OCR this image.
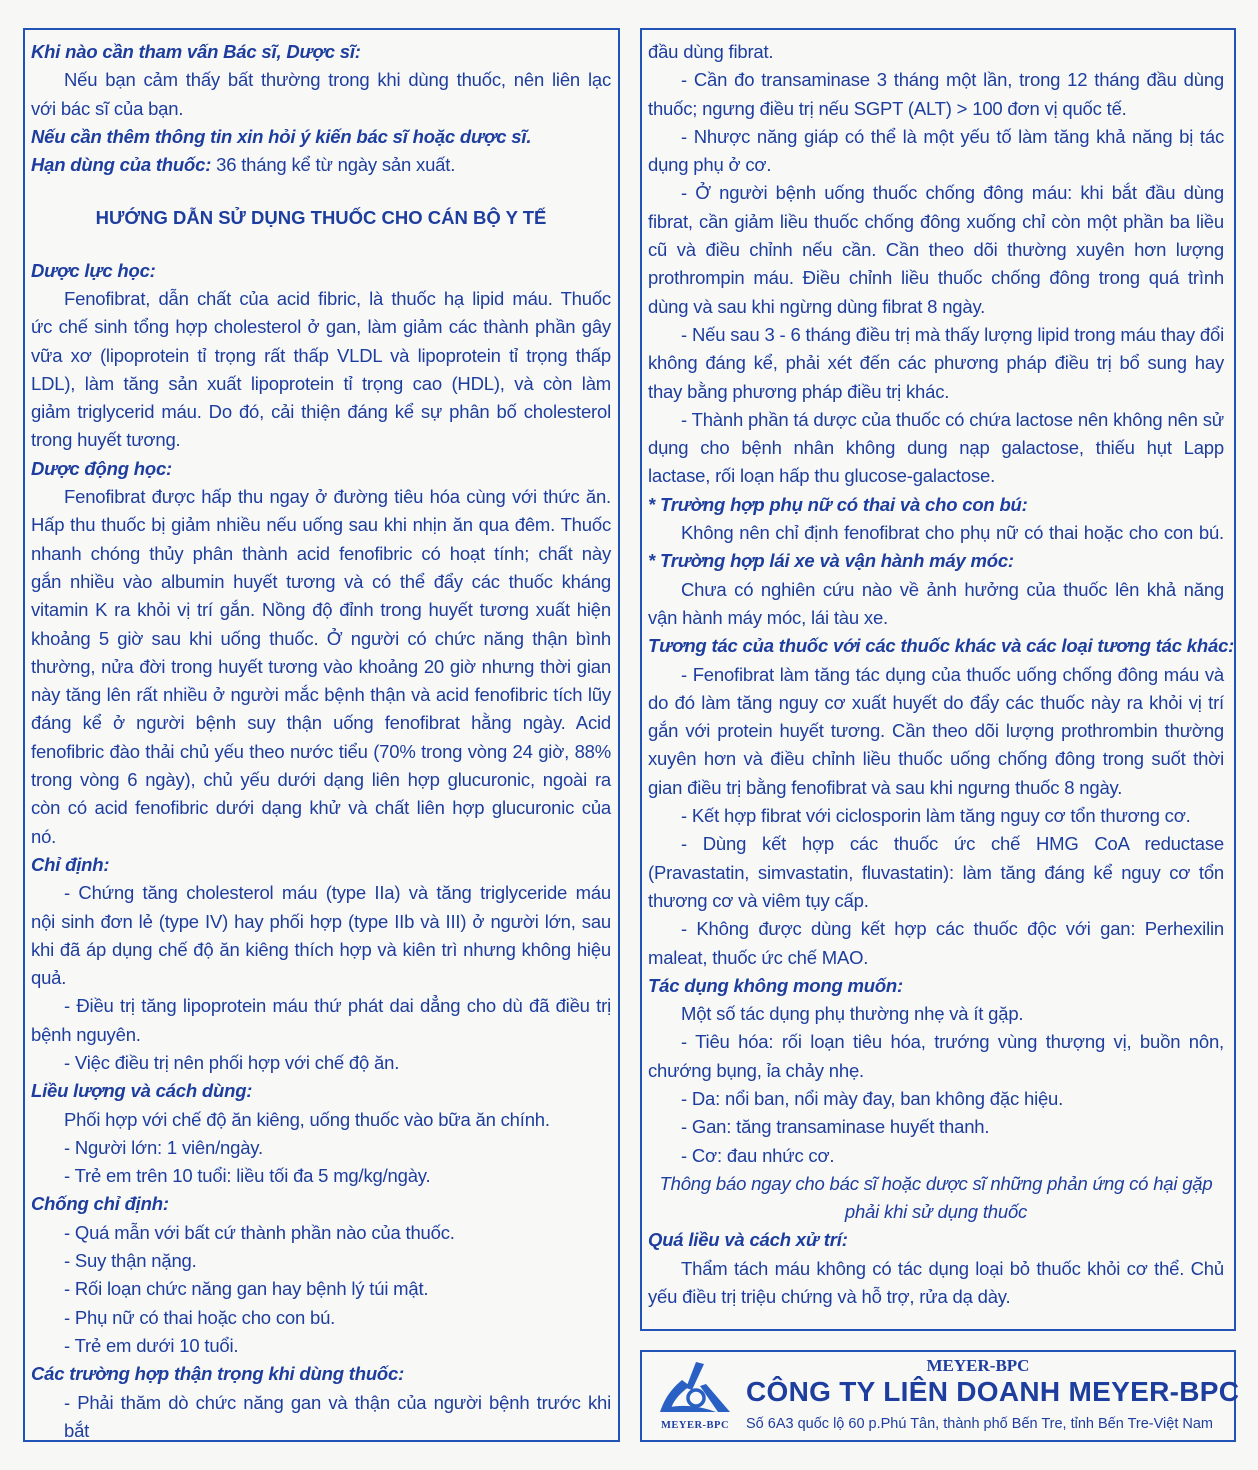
Khi nào cần tham vấn Bác sĩ, Dược sĩ:
Nếu bạn cảm thấy bất thường trong khi dùng thuốc, nên liên lạc
với bác sĩ của bạn.
Nếu cần thêm thông tin xin hỏi ý kiến bác sĩ hoặc dược sĩ.
Hạn dùng của thuốc: 36 tháng kể từ ngày sản xuất.
HƯỚNG DẪN SỬ DỤNG THUỐC CHO CÁN BỘ Y TẾ
Dược lực học:
Fenofibrat, dẫn chất của acid fibric, là thuốc hạ lipid máu. Thuốc
ức chế sinh tổng hợp cholesterol ở gan, làm giảm các thành phần gây
vữa xơ (lipoprotein tỉ trọng rất thấp VLDL và lipoprotein tỉ trọng thấp
LDL), làm tăng sản xuất lipoprotein tỉ trọng cao (HDL), và còn làm
giảm triglycerid máu. Do đó, cải thiện đáng kể sự phân bố cholesterol
trong huyết tương.
Dược động học:
Fenofibrat được hấp thu ngay ở đường tiêu hóa cùng với thức ăn.
Hấp thu thuốc bị giảm nhiều nếu uống sau khi nhịn ăn qua đêm. Thuốc
nhanh chóng thủy phân thành acid fenofibric có hoạt tính; chất này
gắn nhiều vào albumin huyết tương và có thể đẩy các thuốc kháng
vitamin K ra khỏi vị trí gắn. Nồng độ đỉnh trong huyết tương xuất hiện
khoảng 5 giờ sau khi uống thuốc. Ở người có chức năng thận bình
thường, nửa đời trong huyết tương vào khoảng 20 giờ nhưng thời gian
này tăng lên rất nhiều ở người mắc bệnh thận và acid fenofibric tích lũy
đáng kể ở người bệnh suy thận uống fenofibrat hằng ngày. Acid
fenofibric đào thải chủ yếu theo nước tiểu (70% trong vòng 24 giờ, 88%
trong vòng 6 ngày), chủ yếu dưới dạng liên hợp glucuronic, ngoài ra
còn có acid fenofibric dưới dạng khử và chất liên hợp glucuronic của
nó.
Chỉ định:
- Chứng tăng cholesterol máu (type IIa) và tăng triglyceride máu
nội sinh đơn lẻ (type IV) hay phối hợp (type IIb và III) ở người lớn, sau
khi đã áp dụng chế độ ăn kiêng thích hợp và kiên trì nhưng không hiệu
quả.
- Điều trị tăng lipoprotein máu thứ phát dai dẳng cho dù đã điều trị
bệnh nguyên.
- Việc điều trị nên phối hợp với chế độ ăn.
Liều lượng và cách dùng:
Phối hợp với chế độ ăn kiêng, uống thuốc vào bữa ăn chính.
- Người lớn: 1 viên/ngày.
- Trẻ em trên 10 tuổi: liều tối đa 5 mg/kg/ngày.
Chống chỉ định:
- Quá mẫn với bất cứ thành phần nào của thuốc.
- Suy thận nặng.
- Rối loạn chức năng gan hay bệnh lý túi mật.
- Phụ nữ có thai hoặc cho con bú.
- Trẻ em dưới 10 tuổi.
Các trường hợp thận trọng khi dùng thuốc:
- Phải thăm dò chức năng gan và thận của người bệnh trước khi bắt
đầu dùng fibrat.
- Cần đo transaminase 3 tháng một lần, trong 12 tháng đầu dùng
thuốc; ngưng điều trị nếu SGPT (ALT) > 100 đơn vị quốc tế.
- Nhược năng giáp có thể là một yếu tố làm tăng khả năng bị tác
dụng phụ ở cơ.
- Ở người bệnh uống thuốc chống đông máu: khi bắt đầu dùng
fibrat, cần giảm liều thuốc chống đông xuống chỉ còn một phần ba liều
cũ và điều chỉnh nếu cần. Cần theo dõi thường xuyên hơn lượng
prothrompin máu. Điều chỉnh liều thuốc chống đông trong quá trình
dùng và sau khi ngừng dùng fibrat 8 ngày.
- Nếu sau 3 - 6 tháng điều trị mà thấy lượng lipid trong máu thay đổi
không đáng kể, phải xét đến các phương pháp điều trị bổ sung hay
thay bằng phương pháp điều trị khác.
- Thành phần tá dược của thuốc có chứa lactose nên không nên sử
dụng cho bệnh nhân không dung nạp galactose, thiếu hụt Lapp
lactase, rối loạn hấp thu glucose-galactose.
* Trường hợp phụ nữ có thai và cho con bú:
Không nên chỉ định fenofibrat cho phụ nữ có thai hoặc cho con bú.
* Trường hợp lái xe và vận hành máy móc:
Chưa có nghiên cứu nào về ảnh hưởng của thuốc lên khả năng
vận hành máy móc, lái tàu xe.
Tương tác của thuốc với các thuốc khác và các loại tương tác khác:
- Fenofibrat làm tăng tác dụng của thuốc uống chống đông máu và
do đó làm tăng nguy cơ xuất huyết do đẩy các thuốc này ra khỏi vị trí
gắn với protein huyết tương. Cần theo dõi lượng prothrombin thường
xuyên hơn và điều chỉnh liều thuốc uống chống đông trong suốt thời
gian điều trị bằng fenofibrat và sau khi ngưng thuốc 8 ngày.
- Kết hợp fibrat với ciclosporin làm tăng nguy cơ tổn thương cơ.
- Dùng kết hợp các thuốc ức chế HMG CoA reductase
(Pravastatin, simvastatin, fluvastatin): làm tăng đáng kể nguy cơ tổn
thương cơ và viêm tụy cấp.
- Không được dùng kết hợp các thuốc độc với gan: Perhexilin
maleat, thuốc ức chế MAO.
Tác dụng không mong muốn:
Một số tác dụng phụ thường nhẹ và ít gặp.
- Tiêu hóa: rối loạn tiêu hóa, trướng vùng thượng vị, buồn nôn,
chướng bụng, ỉa chảy nhẹ.
- Da: nổi ban, nổi mày đay, ban không đặc hiệu.
- Gan: tăng transaminase huyết thanh.
- Cơ: đau nhức cơ.
Thông báo ngay cho bác sĩ hoặc dược sĩ những phản ứng có hại gặp
phải khi sử dụng thuốc
Quá liều và cách xử trí:
Thẩm tách máu không có tác dụng loại bỏ thuốc khỏi cơ thể. Chủ
yếu điều trị triệu chứng và hỗ trợ, rửa dạ dày.
MEYER-BPC
MEYER-BPC
CÔNG TY LIÊN DOANH MEYER-BPC
Số 6A3 quốc lộ 60 p.Phú Tân, thành phố Bến Tre, tỉnh Bến Tre-Việt Nam
